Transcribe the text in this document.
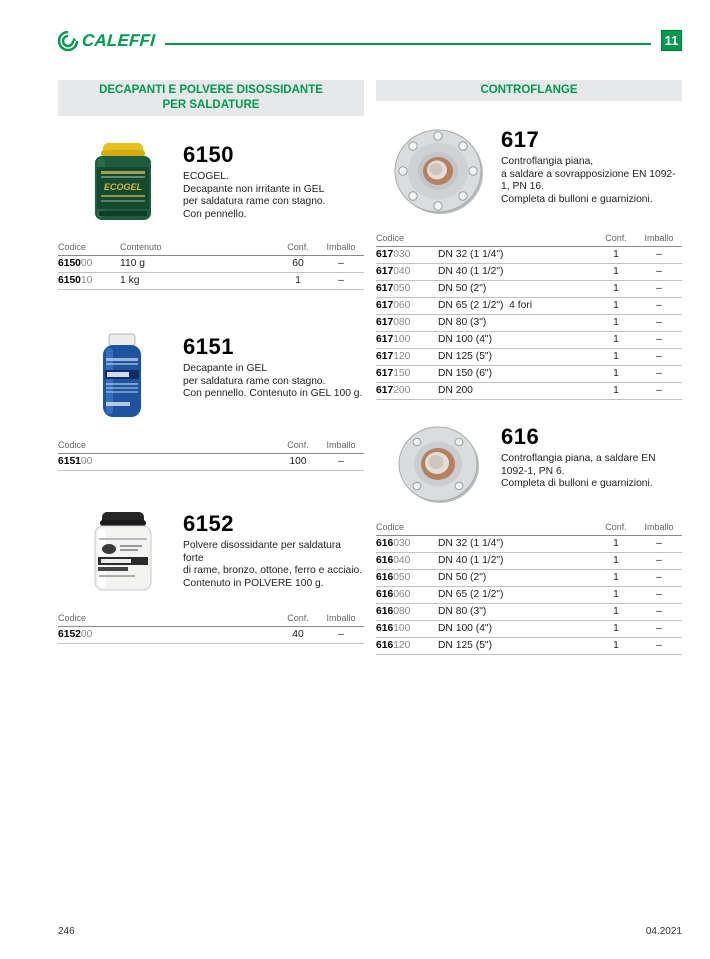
CALEFFI	11
DECAPANTI E POLVERE DISOSSIDANTE
PER SALDATURE
ECOGEL
6150
ECOGEL.
Decapante non irritante in GEL
per saldatura rame con stagno.
Con pennello.
Codice	Contenuto	Conf.	Imballo
615000	110 g	60	–
615010	1 kg	1	–
6151
Decapante in GEL
per saldatura rame con stagno.
Con pennello. Contenuto in GEL 100 g.
Codice	Conf.	Imballo
615100	100	–
6152
Polvere disossidante per saldatura forte
di rame, bronzo, ottone, ferro e acciaio.
Contenuto in POLVERE 100 g.
Codice	Conf.	Imballo
615200	40	–
CONTROFLANGE
617
Controflangia piana,
a saldare a sovrapposizione EN 1092-1, PN 16.
Completa di bulloni e guarnizioni.
Codice	Conf.	Imballo
617030	DN 32 (1 1/4")	1	–
617040	DN 40 (1 1/2")	1	–
617050	DN 50 (2")	1	–
617060	DN 65 (2 1/2")  4 fori	1	–
617080	DN 80 (3")	1	–
617100	DN 100 (4")	1	–
617120	DN 125 (5")	1	–
617150	DN 150 (6")	1	–
617200	DN 200	1	–
616
Controflangia piana, a saldare EN 1092-1, PN 6.
Completa di bulloni e guarnizioni.
Codice	Conf.	Imballo
616030	DN 32 (1 1/4")	1	–
616040	DN 40 (1 1/2")	1	–
616050	DN 50 (2")	1	–
616060	DN 65 (2 1/2")	1	–
616080	DN 80 (3")	1	–
616100	DN 100 (4")	1	–
616120	DN 125 (5")	1	–
246	04.2021
